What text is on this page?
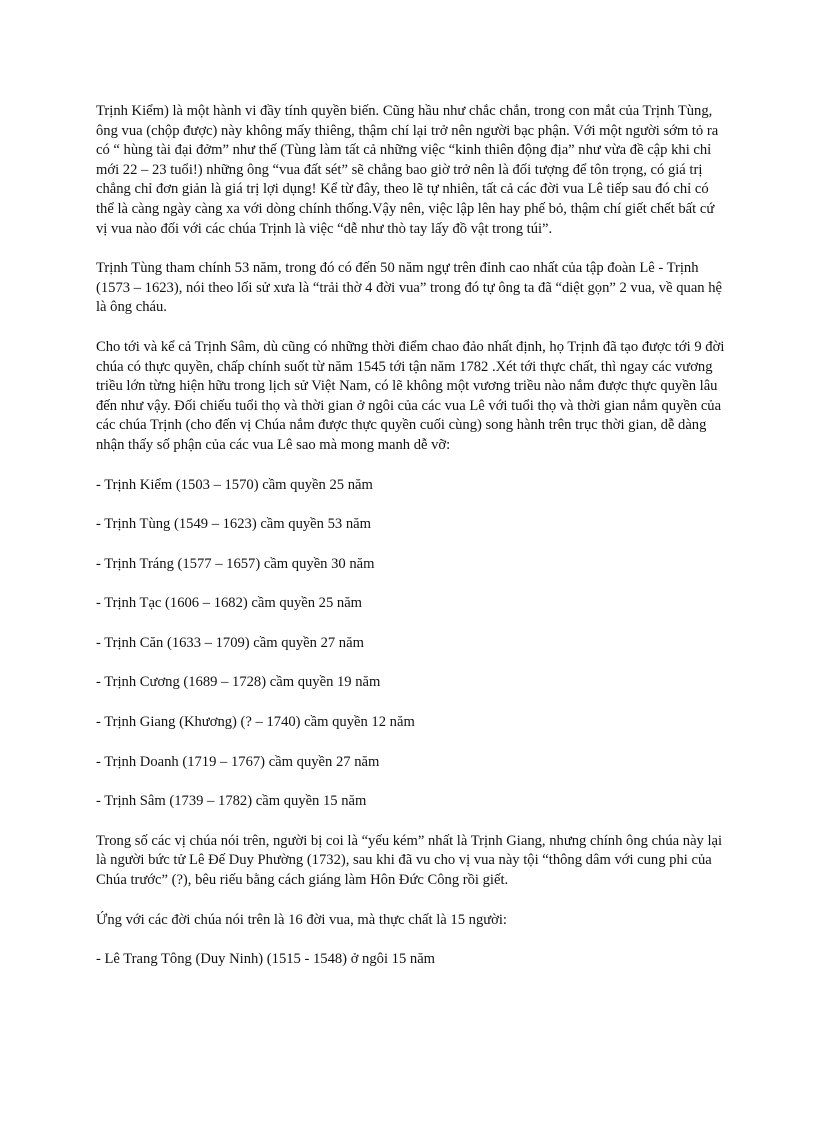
Trịnh Kiểm) là một hành vi đầy tính quyền biến. Cũng hầu như chắc chắn, trong con mắt của Trịnh Tùng, ông vua (chộp được) này không mấy thiêng, thậm chí lại trở nên người bạc phận. Với một người sớm tỏ ra có “ hùng tài đại đởm” như thế (Tùng làm tất cả những việc “kinh thiên động địa” như vừa đề cập khi chỉ mới 22 – 23 tuổi!) những ông “vua đất sét” sẽ chẳng bao giờ trở nên là đối tượng để tôn trọng, có giá trị chẳng chỉ đơn giản là giá trị lợi dụng! Kể từ đây, theo lẽ tự nhiên, tất cả các đời vua Lê tiếp sau đó chỉ có thể là càng ngày càng xa với dòng chính thống.Vậy nên, việc lập lên hay phế bỏ, thậm chí giết chết bất cứ vị vua nào đối với các chúa Trịnh là việc “dễ như thò tay lấy đồ vật trong túi”.

Trịnh Tùng tham chính 53 năm, trong đó có đến 50 năm ngự trên đỉnh cao nhất của tập đoàn Lê - Trịnh (1573 – 1623), nói theo lối sử xưa là “trải thờ 4 đời vua” trong đó tự ông ta đã “diệt gọn” 2 vua, về quan hệ là ông cháu.

Cho tới và kể cả Trịnh Sâm, dù cũng có những thời điểm chao đảo nhất định, họ Trịnh đã tạo được tới 9 đời chúa có thực quyền, chấp chính suốt từ năm 1545 tới tận năm 1782 .Xét tới thực chất, thì ngay các vương triều lớn từng hiện hữu trong lịch sử Việt Nam, có lẽ không một vương triều nào nắm được thực quyền lâu đến như vậy. Đối chiếu tuổi thọ và thời gian ở ngôi của các vua Lê với tuổi thọ và thời gian nắm quyền của các chúa Trịnh (cho đến vị Chúa nắm được thực quyền cuối cùng) song hành trên trục thời gian, dễ dàng nhận thấy số phận của các vua Lê sao mà mong manh dễ vỡ:

- Trịnh Kiểm (1503 – 1570) cầm quyền 25 năm

- Trịnh Tùng (1549 – 1623) cầm quyền 53 năm

- Trịnh Tráng (1577 – 1657) cầm quyền 30 năm

- Trịnh Tạc (1606 – 1682) cầm quyền 25 năm

- Trịnh Căn (1633 – 1709) cầm quyền 27 năm

- Trịnh Cương (1689 – 1728) cầm quyền 19 năm

- Trịnh Giang (Khương) (? – 1740) cầm quyền 12 năm

- Trịnh Doanh (1719 – 1767) cầm quyền 27 năm

- Trịnh Sâm (1739 – 1782) cầm quyền 15 năm

Trong số các vị chúa nói trên, người bị coi là “yếu kém” nhất là Trịnh Giang, nhưng chính ông chúa này lại là người bức tử Lê Đế Duy Phường (1732), sau khi đã vu cho vị vua này tội “thông dâm với cung phi của Chúa trước” (?), bêu riếu bằng cách giáng làm Hôn Đức Công rồi giết.

Ứng với các đời chúa nói trên là 16 đời vua, mà thực chất là 15 người:

- Lê Trang Tông (Duy Ninh) (1515 - 1548) ở ngôi 15 năm
